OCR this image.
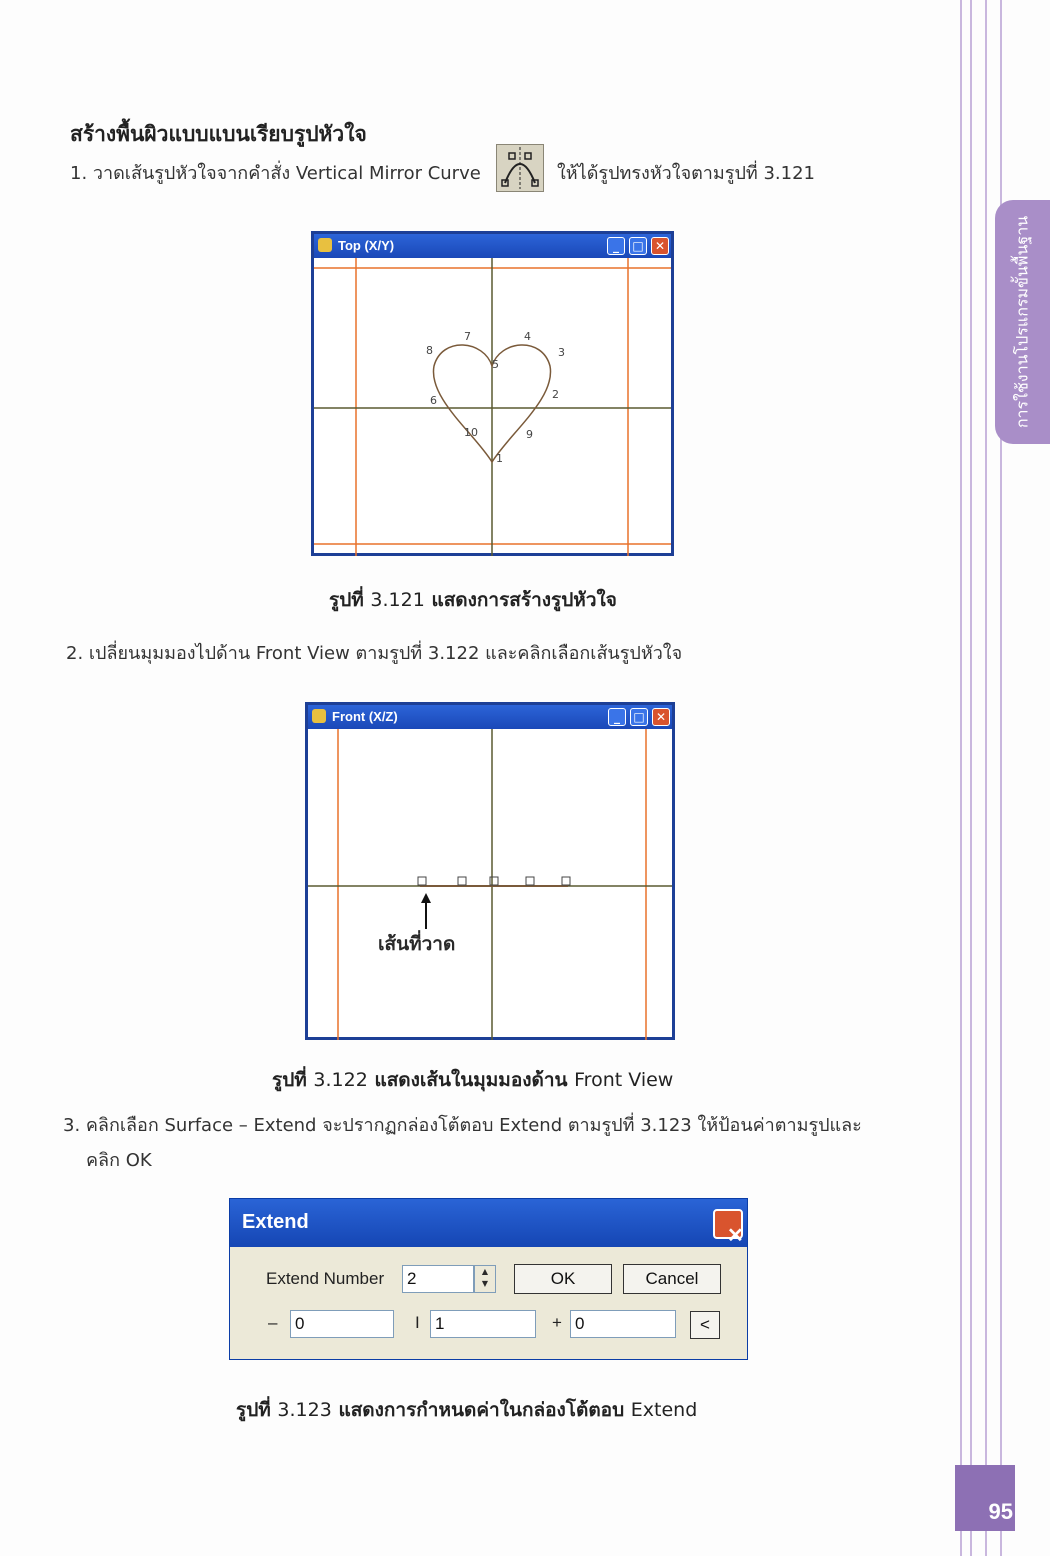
การใช้งานโปรแกรมขั้นพื้นฐาน
95
สร้างพื้นผิวแบบแบนเรียบรูปหัวใจ
1. วาดเส้นรูปหัวใจจากคำสั่ง Vertical Mirror Curve	ให้ได้รูปทรงหัวใจตามรูปที่ 3.121
Top (X/Y)	_	□ ✕
8
7
5
4
3
6	2
9
10
1
รูปที่ 3.121 แสดงการสร้างรูปหัวใจ
2. เปลี่ยนมุมมองไปด้าน Front View ตามรูปที่ 3.122 และคลิกเลือกเส้นรูปหัวใจ
Front (X/Z)	_	□ ✕
เส้นที่วาด
รูปที่ 3.122 แสดงเส้นในมุมมองด้าน Front View
3. คลิกเลือก Surface – Extend จะปรากฏกล่องโต้ตอบ Extend ตามรูปที่ 3.123 ให้ป้อนค่าตามรูปและ
คลิก OK
Extend
✕
Extend Number 2	▲
▼	OK	Cancel
– 0	I 1	+ 0	<
รูปที่ 3.123 แสดงการกำหนดค่าในกล่องโต้ตอบ Extend
